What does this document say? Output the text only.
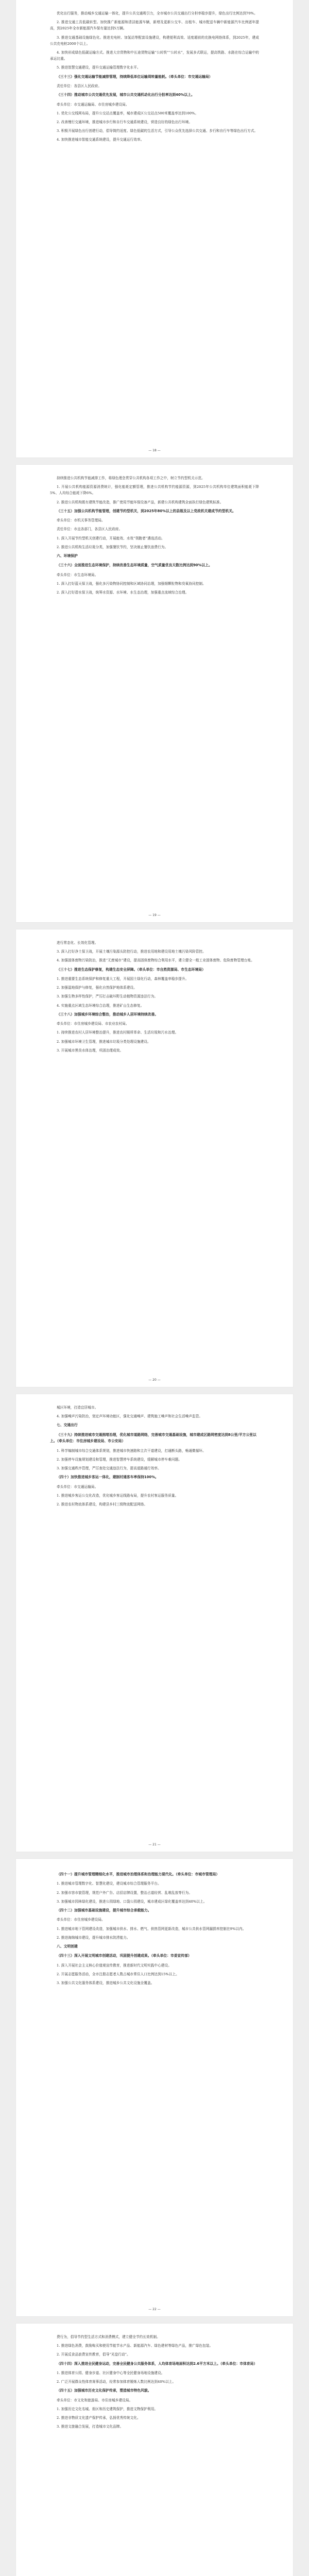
优化出行服务，推动城乡交通运输一体化，提升公共交通吸引力，全市城市公共交通出行分担率稳步提升，绿色出行比例达到70%。

2. 推进交通工具低碳转型。加快推广新能源和清洁能源车辆，新增及更新公交车、出租车、城市配送车辆中新能源汽车比例逐年提高，到2025年全市新能源汽车保有量达到5万辆。

3. 推进交通基础设施绿色化。推进充电桩、加氢站等配套设施建设，构建便利高效、适度超前的充换电网络体系，到2025年，建成公共充电桩2000个以上。

4. 加快形成绿色低碳运输方式。推进大宗货物和中长途货物运输“公转铁”“公转水”，发展多式联运，提高铁路、水路在综合运输中的承运比重。

5. 推进智慧交通建设，提升交通运输管理数字化水平。

（三十三）强化交通运输节能减排管理，持续降低单位运输周转量能耗。（牵头单位：市交通运输局）

责任单位：各县区人民政府。

（三十四）推动城市公共交通优先发展，城市公共交通机动化出行分担率达到40%以上。

牵头单位：市交通运输局、市住房城乡建设局。

1. 优化公交线网布局，提升公交站点覆盖率，城市建成区公交站点500米覆盖率达到100%。

2. 改善慢行交通环境，推进城市步行和自行车交通系统建设，营造良好的绿色出行环境。

3. 积极开展绿色出行创建行动，倡导简约适度、绿色低碳的生活方式，引导公众优先选择公共交通、步行和自行车等绿色出行方式。

4. 加快推进城市智能交通系统建设，提升交通运行效率。

— 18 —

持续推进公共机构节能减排工作，将绿色理念贯穿公共机构各项工作之中，树立节约型机关示范。

1. 开展公共机构能源资源消费统计，强化能耗定额管理，推进公共机构节约能源资源，到2025年公共机构单位建筑面积能耗下降5%、人均综合能耗下降6%。

2. 推进公共机构既有建筑节能改造，推广使用节能环保设备产品，新建公共机构建筑全面执行绿色建筑标准。

（三十五）加强公共机构节能管理，创建节约型机关，到2025年80%以上的县级及以上党政机关建成节约型机关。

牵头单位：市机关事务管理局。

责任单位：市直各部门，各县区人民政府。

1. 深入开展节约型机关创建行动，开展能效、水效“领跑者”遴选活动。

2. 推进公共机构生活垃圾分类，加强餐饮节约，坚决制止餐饮浪费行为。

六、环境保护

（三十六）全面推进生态环境保护，持续改善生态环境质量，空气质量优良天数比例达到90%以上。

牵头单位：市生态环境局。

1. 深入打好蓝天保卫战，强化多污染物协同控制和区域协同治理，加强细颗粒物和臭氧协同控制。

2. 深入打好碧水保卫战，统筹水资源、水环境、水生态治理，加强重点流域综合治理。

— 19 —

进行常态化、长效化管理。

3. 深入打好净土保卫战，开展土壤污染源头防控行动，推进农用地和建设用地土壤污染风险管控。

4. 加强固体废物污染防治，推进“无废城市”建设，提高固体废物综合利用水平，建立健全一般工业固体废物、危险废物管理台账。

（三十七）推进生态保护修复，构建生态安全屏障。（牵头单位：市自然资源局、市生态环境局）

1. 推进重要生态系统保护和修复重大工程，开展国土绿化行动，森林覆盖率稳步提升。

2. 加强湿地保护与修复，强化自然保护地体系建设。

3. 加强生物多样性保护，严厉打击破坏野生动植物资源违法行为。

4. 实施重点区域生态环境综合治理，推进矿山生态修复。

（三十八）加强城乡环境综合整治，推动城乡人居环境持续改善。

牵头单位：市住房城乡建设局、市农业农村局。

1. 持续推进农村人居环境整治提升，推进农村厕所革命、生活垃圾和污水治理。

2. 加强城市环境卫生管理，推进城市垃圾分类处理设施建设。

3. 开展城市黑臭水体治理，巩固治理成效。

— 20 —

城区环境，打造宜居城市。

4. 加强噪声污染防治，划定声环境功能区，强化交通噪声、建筑施工噪声和社会生活噪声监管。

七、交通出行

（三十九）持续推进城市交通拥堵治理，优化城市道路网络，完善城市交通基础设施，城市建成区路网密度达到8公里/平方公里以上。（牵头单位：市住房城乡建设局、市公安局）

1. 科学编制城市综合交通体系规划，推进城市快速路和主次干道建设，打通断头路，畅通微循环。

2. 加强停车设施规划建设和管理，推进智慧停车系统建设，缓解城市停车难问题。

3. 加强交通秩序管理，严厉查处交通违法行为，提高道路通行效率。

（四十）加快推进城乡客运一体化，建制村通客车率保持100%。

牵头单位：市交通运输局。

1. 推进城乡客运公交化改造，优化城乡客运线路布局，提升农村客运服务质量。

2. 推进农村物流体系建设，构建县乡村三级物流配送网络。

— 21 —

（四十一）提升城市管理精细化水平，推进城市治理体系和治理能力现代化。（牵头单位：市城市管理局）

1. 推进城市管理数字化、智慧化建设，建设城市综合管理服务平台。

2. 加强市容市貌管理，规范户外广告、店招店牌设置，整治占道经营、乱堆乱放等行为。

3. 加强城市园林绿化建设，推进公园绿地、口袋公园建设，城市建成区绿化覆盖率达到40%以上。

（四十二）加强城市基础设施建设，提升城市综合承载能力。

牵头单位：市住房城乡建设局。

1. 推进城市地下管网建设改造，加强城市供水、排水、燃气、供热管网更新改造，城市公共供水管网漏损率控制在9%以内。

2. 推进海绵城市建设，提升城市排水防涝能力。

八、文明创建

（四十三）深入开展文明城市创建活动，巩固提升创建成果。（牵头单位：市委宣传部）

1. 深入开展社会主义核心价值观宣传教育，推进新时代文明实践中心建设。

2. 开展志愿服务活动，全市注册志愿者人数占城市常住人口比例达到15%以上。

3. 加强公共文化服务体系建设，推进城乡公共文化设施全覆盖。

— 22 —

费行为，倡导节约型生活方式和消费模式，建立健全节约长效机制。

1. 推进绿色消费，鼓励购买和使用节能节水产品、新能源汽车、绿色建材等绿色产品，推广绿色包装。

2. 开展反食品浪费宣传教育，倡导“光盘行动”。

（四十四）深入推进全民健身运动，完善全民健身公共服务体系，人均体育场地面积达到2.6平方米以上。（牵头单位：市体育局）

1. 推进体育公园、健身步道、社区健身中心等全民健身场地设施建设。

2. 广泛开展群众性体育赛事活动，经常参加体育锻炼人数比例达到40%以上。

（四十五）加强城市历史文化保护传承，塑造城市特色风貌。

牵头单位：市文化和旅游局、市住房城乡建设局。

1. 加强历史文化名城、街区和历史建筑保护，推进文物保护利用。

2. 推进非物质文化遗产保护传承，弘扬优秀传统文化。

3. 推进文旅融合发展，打造城市文化品牌。
